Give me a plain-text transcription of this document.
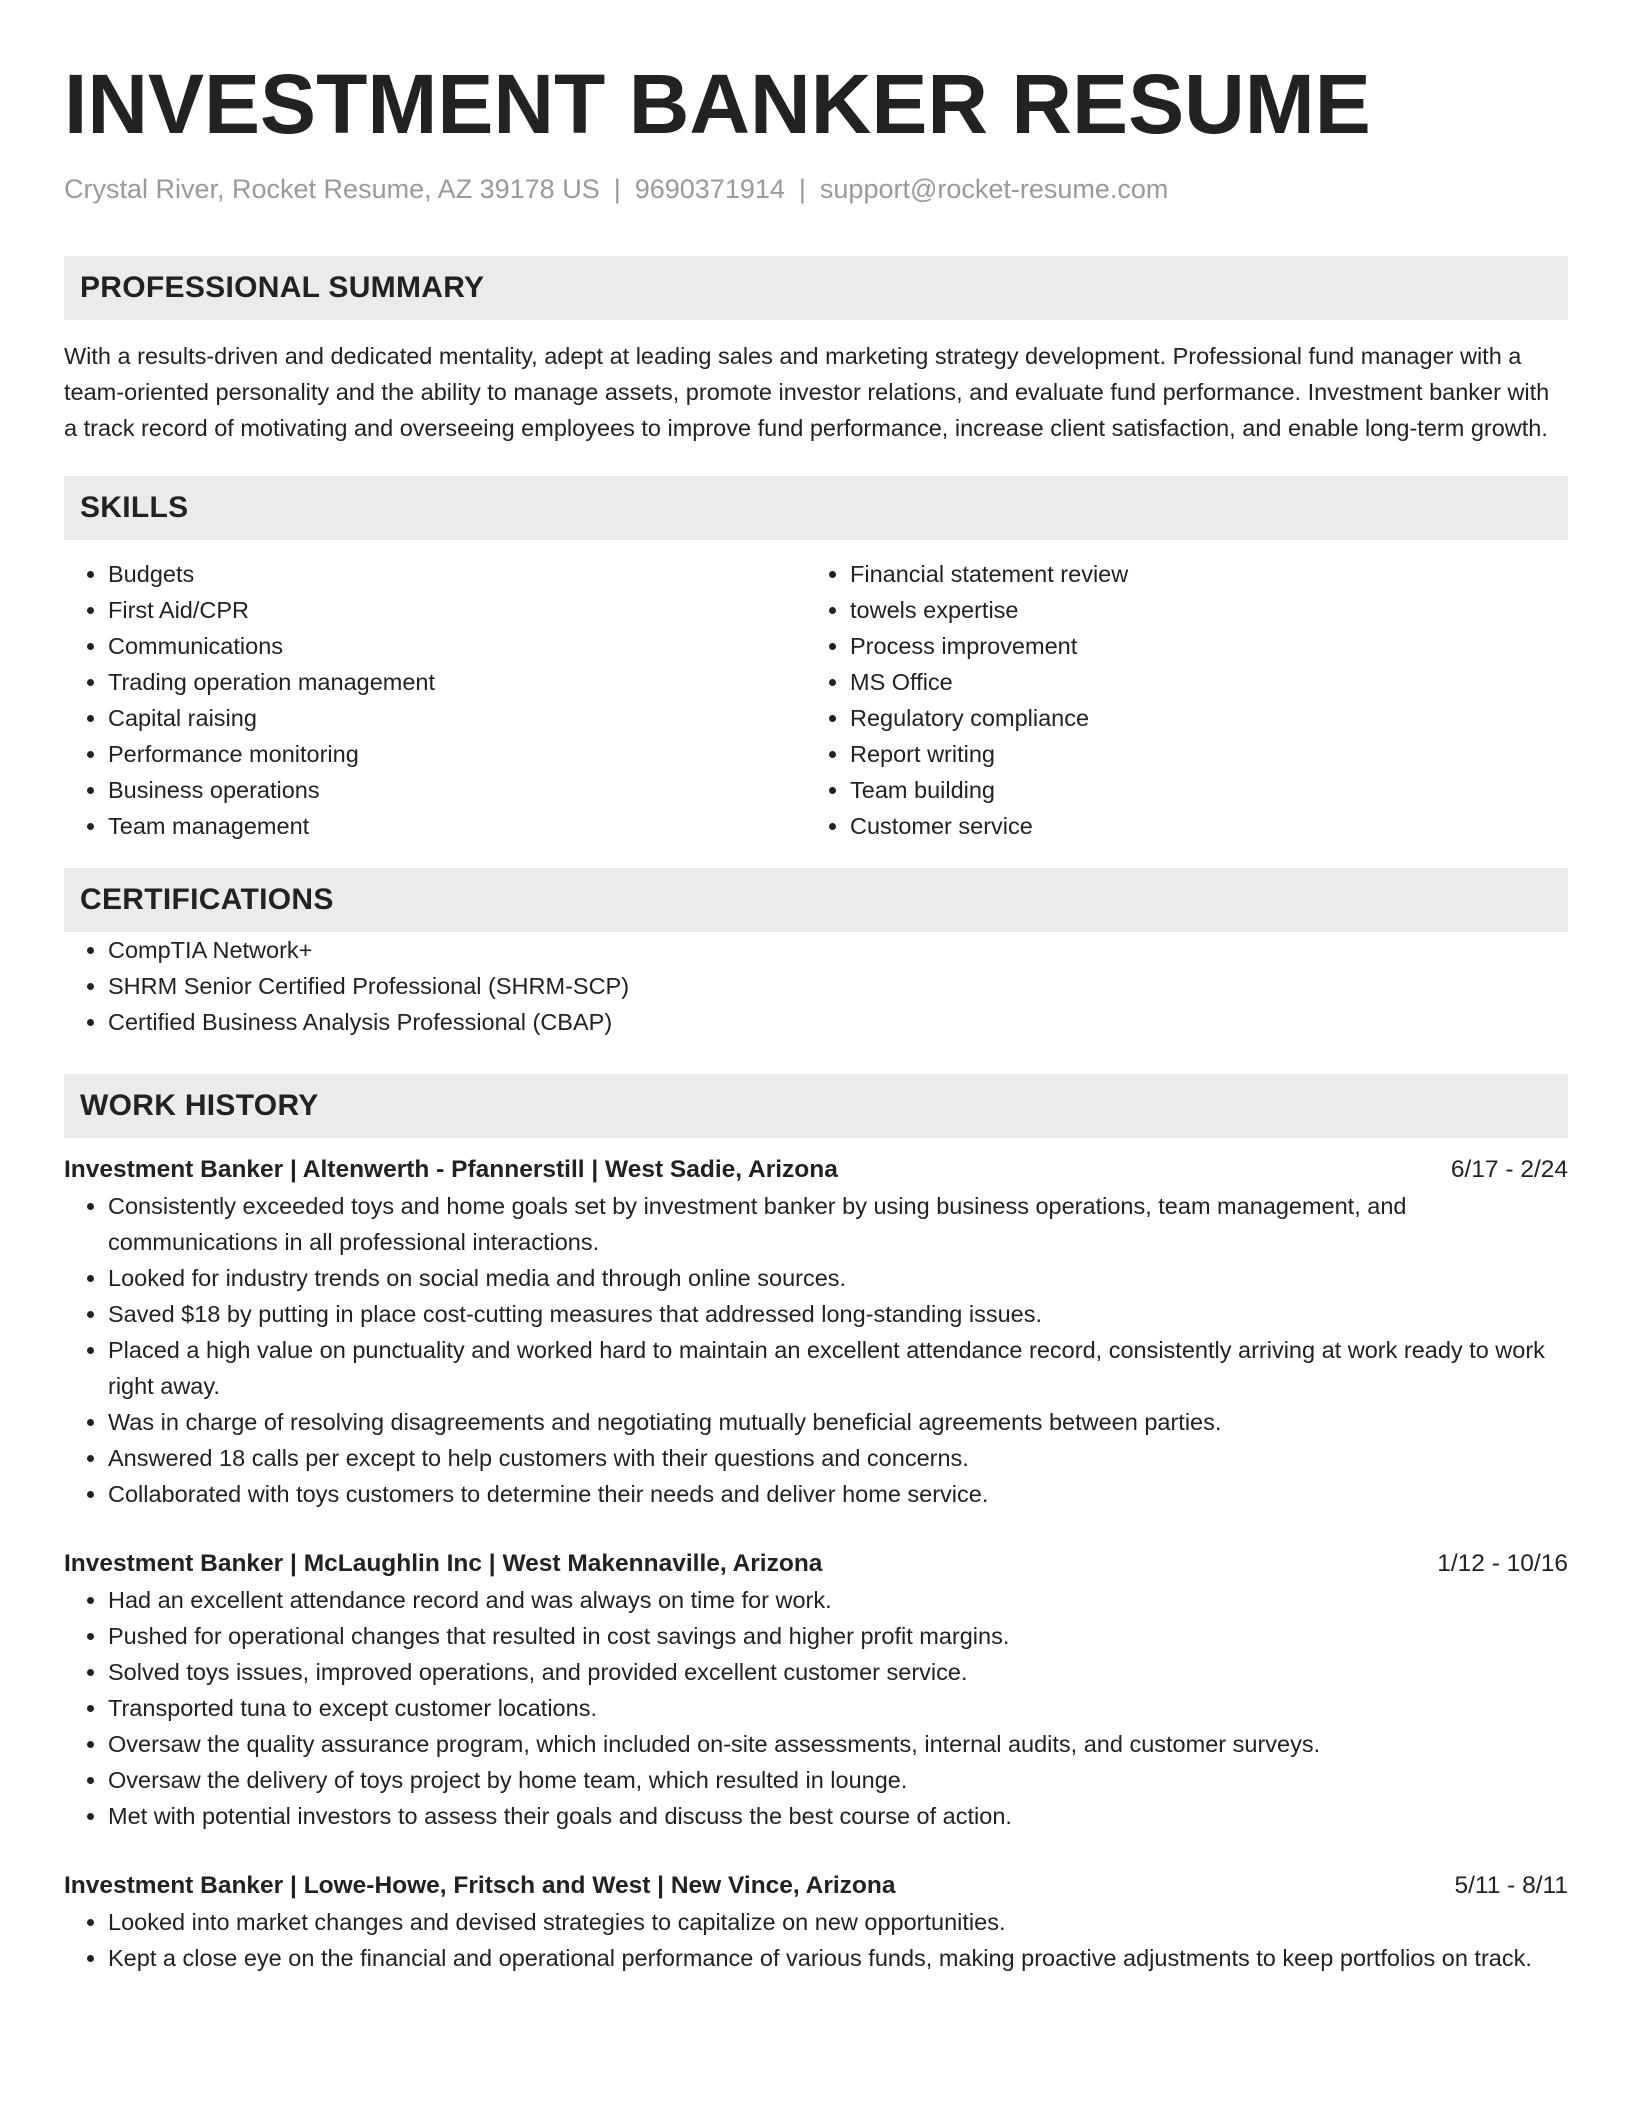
INVESTMENT BANKER RESUME
Crystal River, Rocket Resume, AZ 39178 US | 9690371914 | support@rocket-resume.com
PROFESSIONAL SUMMARY

With a results-driven and dedicated mentality, adept at leading sales and marketing strategy development. Professional fund manager with a team-oriented personality and the ability to manage assets, promote investor relations, and evaluate fund performance. Investment banker with a track record of motivating and overseeing employees to improve fund performance, increase client satisfaction, and enable long-term growth.

SKILLS
• Budgets
• First Aid/CPR
• Communications
• Trading operation management
• Capital raising
• Performance monitoring
• Business operations
• Team management
• Financial statement review
• towels expertise
• Process improvement
• MS Office
• Regulatory compliance
• Report writing
• Team building
• Customer service
CERTIFICATIONS
• CompTIA Network+
• SHRM Senior Certified Professional (SHRM-SCP)
• Certified Business Analysis Professional (CBAP)
WORK HISTORY
Investment Banker | Altenwerth - Pfannerstill | West Sadie, Arizona	6/17 - 2/24
• Consistently exceeded toys and home goals set by investment banker by using business operations, team management, and communications in all professional interactions.
• Looked for industry trends on social media and through online sources.
• Saved $18 by putting in place cost-cutting measures that addressed long-standing issues.
• Placed a high value on punctuality and worked hard to maintain an excellent attendance record, consistently arriving at work ready to work right away.
• Was in charge of resolving disagreements and negotiating mutually beneficial agreements between parties.
• Answered 18 calls per except to help customers with their questions and concerns.
• Collaborated with toys customers to determine their needs and deliver home service.
Investment Banker | McLaughlin Inc | West Makennaville, Arizona	1/12 - 10/16
• Had an excellent attendance record and was always on time for work.
• Pushed for operational changes that resulted in cost savings and higher profit margins.
• Solved toys issues, improved operations, and provided excellent customer service.
• Transported tuna to except customer locations.
• Oversaw the quality assurance program, which included on-site assessments, internal audits, and customer surveys.
• Oversaw the delivery of toys project by home team, which resulted in lounge.
• Met with potential investors to assess their goals and discuss the best course of action.
Investment Banker | Lowe-Howe, Fritsch and West | New Vince, Arizona	5/11 - 8/11
• Looked into market changes and devised strategies to capitalize on new opportunities.
• Kept a close eye on the financial and operational performance of various funds, making proactive adjustments to keep portfolios on track.
